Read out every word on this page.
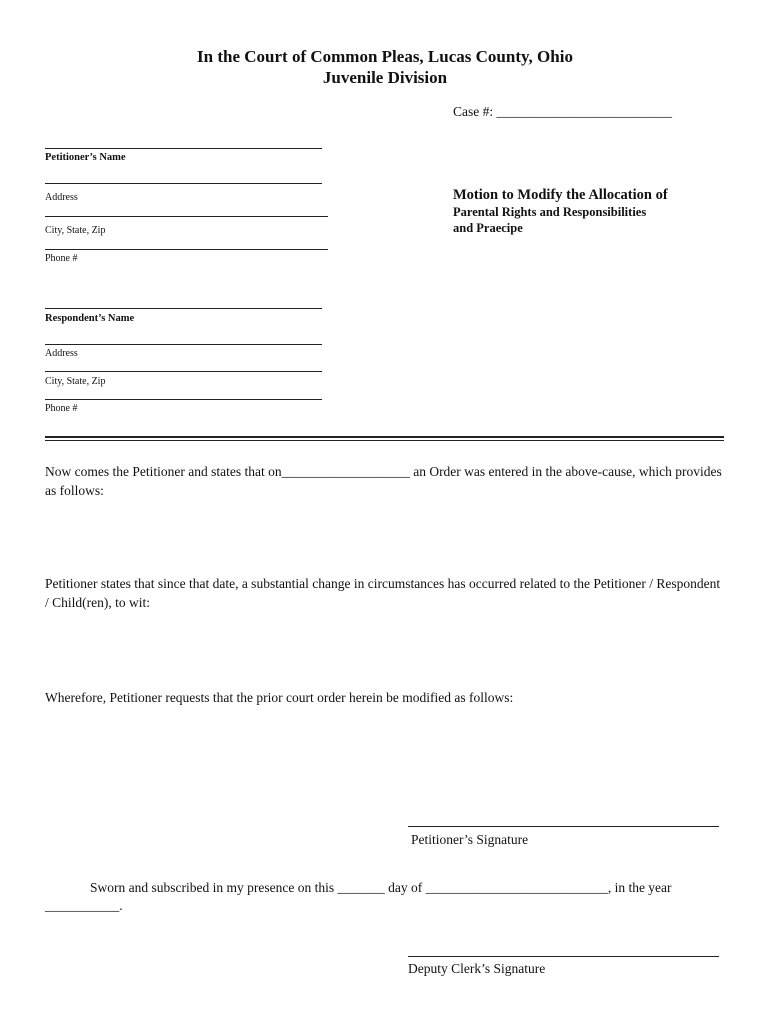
In the Court of Common Pleas, Lucas County, Ohio
Juvenile Division
Case #: __________________________
Petitioner’s Name
Address
City, State, Zip
Phone #
Motion to Modify the Allocation of
Parental Rights and Responsibilities
and Praecipe
Respondent’s Name
Address
City, State, Zip
Phone #
Now comes the Petitioner and states that on___________________ an Order was entered in the above-cause, which provides as follows:
Petitioner states that since that date, a substantial change in circumstances has occurred related to the Petitioner / Respondent / Child(ren), to wit:
Wherefore, Petitioner requests that the prior court order herein be modified as follows:
Petitioner’s Signature
Sworn and subscribed in my presence on this _______ day of ___________________________, in the year
___________.
Deputy Clerk’s Signature
